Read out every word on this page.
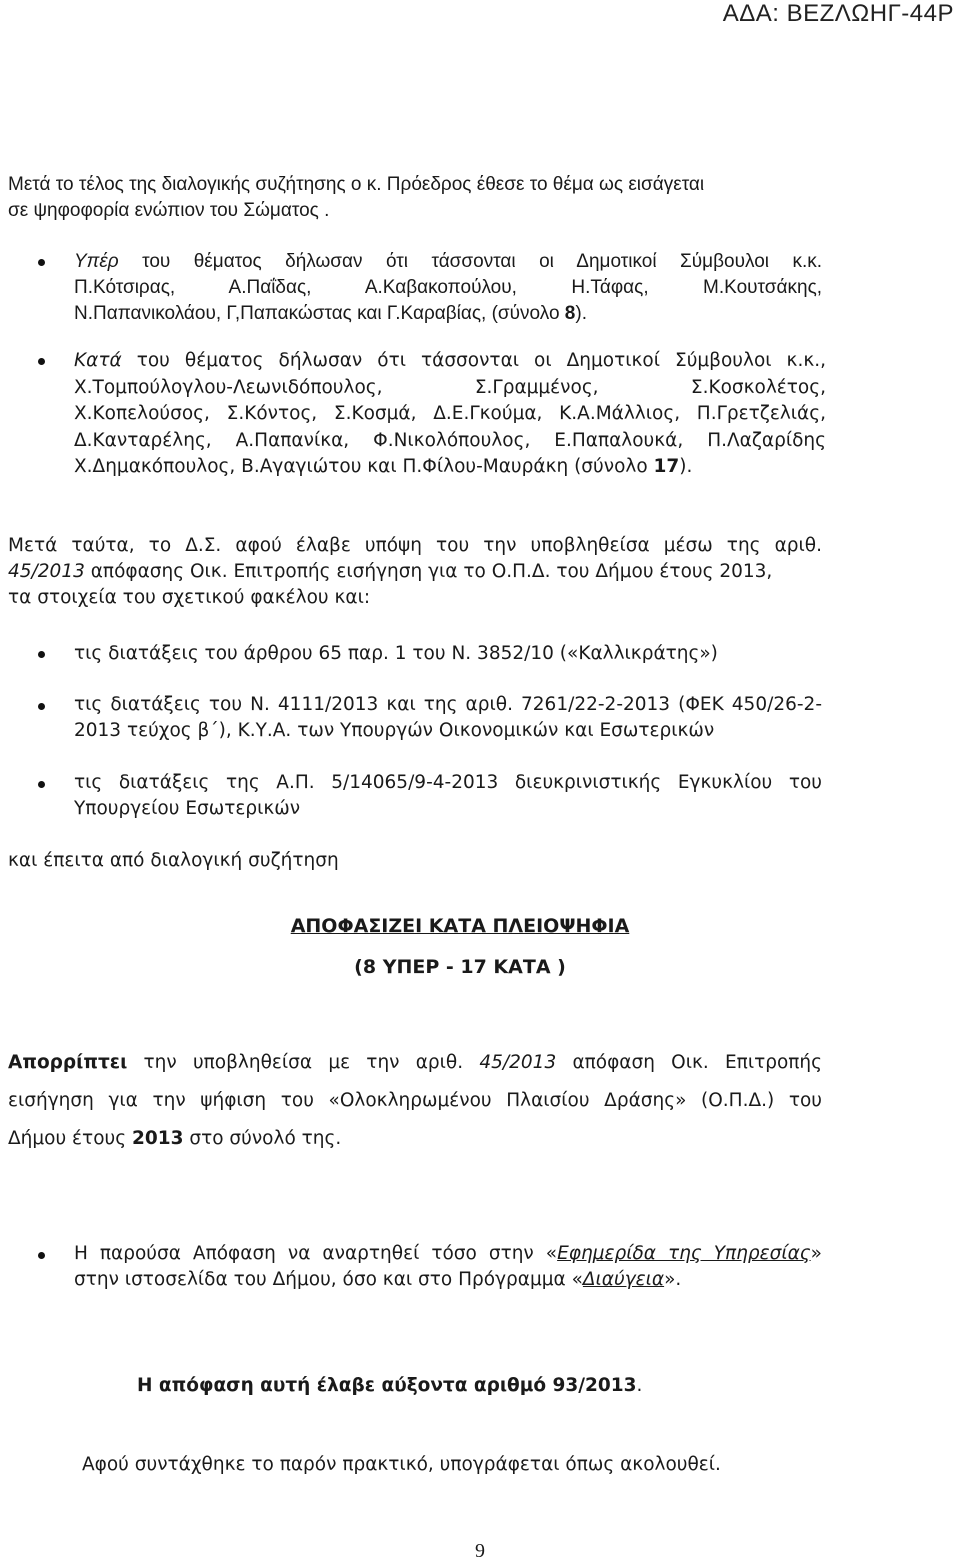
ΑΔΑ: ΒΕΖΛΩΗΓ-44Ρ
Μετά το τέλος της διαλογικής συζήτησης ο κ. Πρόεδρος έθεσε το θέμα ως εισάγεται
σε ψηφοφορία ενώπιον του Σώματος .
Υπέρ του θέματος δήλωσαν ότι τάσσονται οι Δημοτικοί Σύμβουλοι κ.κ.
Π.Κότσιρας, Α.Παΐδας, Α.Καβακοπούλου, Η.Τάφας, Μ.Κουτσάκης,
Ν.Παπανικολάου, Γ,Παπακώστας και Γ.Καραβίας, (σύνολο 8).
Κατά του θέματος δήλωσαν ότι τάσσονται οι Δημοτικοί Σύμβουλοι κ.κ.,
Χ.Τομπούλογλου-Λεωνιδόπουλος, Σ.Γραμμένος, Σ.Κοσκολέτος,
Χ.Κοπελούσος, Σ.Κόντος, Σ.Κοσμά, Δ.Ε.Γκούμα, Κ.Α.Μάλλιος, Π.Γρετζελιάς,
Δ.Κανταρέλης, Α.Παπανίκα, Φ.Νικολόπουλος, Ε.Παπαλουκά, Π.Λαζαρίδης
Χ.Δημακόπουλος, Β.Αγαγιώτου και Π.Φίλου-Μαυράκη (σύνολο 17).
Μετά ταύτα, το Δ.Σ. αφού έλαβε υπόψη του την υποβληθείσα μέσω της αριθ.
45/2013 απόφασης Οικ. Επιτροπής εισήγηση για το Ο.Π.Δ. του Δήμου έτους 2013,
τα στοιχεία του σχετικού φακέλου και:
τις διατάξεις του άρθρου 65 παρ. 1 του Ν. 3852/10 («Καλλικράτης»)
τις διατάξεις του Ν. 4111/2013 και της αριθ. 7261/22-2-2013 (ΦΕΚ 450/26-2-
2013 τεύχος β΄), Κ.Υ.Α. των Υπουργών Οικονομικών και Εσωτερικών
τις διατάξεις της Α.Π. 5/14065/9-4-2013 διευκρινιστικής Εγκυκλίου του
Υπουργείου Εσωτερικών
και έπειτα από διαλογική συζήτηση
ΑΠΟΦΑΣΙΖΕΙ ΚΑΤΑ ΠΛΕΙΟΨΗΦΙΑ
(8 ΥΠΕΡ - 17 ΚΑΤΑ )
Απορρίπτει την υποβληθείσα με την αριθ. 45/2013 απόφαση Οικ. Επιτροπής
εισήγηση για την ψήφιση του «Ολοκληρωμένου Πλαισίου Δράσης» (Ο.Π.Δ.) του
Δήμου έτους 2013 στο σύνολό της.
Η παρούσα Απόφαση να αναρτηθεί τόσο στην «Εφημερίδα της Υπηρεσίας»
στην ιστοσελίδα του Δήμου, όσο και στο Πρόγραμμα «Διαύγεια».
Η απόφαση αυτή έλαβε αύξοντα αριθμό 93/2013.
Αφού συντάχθηκε το παρόν πρακτικό, υπογράφεται όπως ακολουθεί.
9
